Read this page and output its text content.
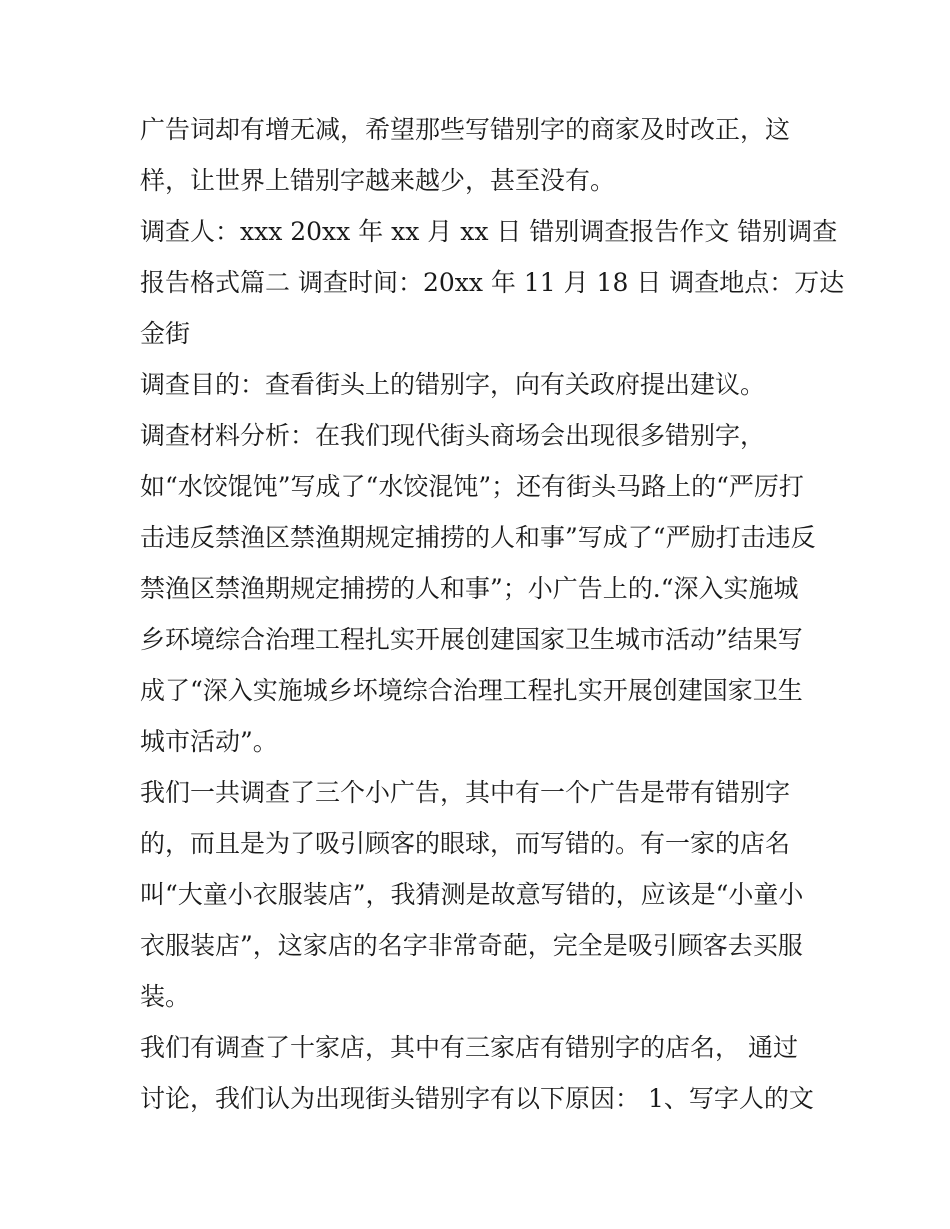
广告词却有增无减，希望那些写错别字的商家及时改正，这
样，让世界上错别字越来越少，甚至没有。
调查人：xxx 20xx 年 xx 月 xx 日 错别调查报告作文 错别调查
报告格式篇二 调查时间：20xx 年 11 月 18 日 调查地点：万达
金街
调查目的：查看街头上的错别字，向有关政府提出建议。
调查材料分析：在我们现代街头商场会出现很多错别字，
如“水饺馄饨”写成了“水饺混饨”；还有街头马路上的“严厉打
击违反禁渔区禁渔期规定捕捞的人和事”写成了“严励打击违反
禁渔区禁渔期规定捕捞的人和事”；小广告上的.“深入实施城
乡环境综合治理工程扎实开展创建国家卫生城市活动”结果写
成了“深入实施城乡坏境综合治理工程扎实开展创建国家卫生
城市活动”。
我们一共调查了三个小广告，其中有一个广告是带有错别字
的，而且是为了吸引顾客的眼球，而写错的。有一家的店名
叫“大童小衣服装店”，我猜测是故意写错的，应该是“小童小
衣服装店”，这家店的名字非常奇葩，完全是吸引顾客去买服
装。
我们有调查了十家店，其中有三家店有错别字的店名， 通过
讨论，我们认为出现街头错别字有以下原因： 1、写字人的文
